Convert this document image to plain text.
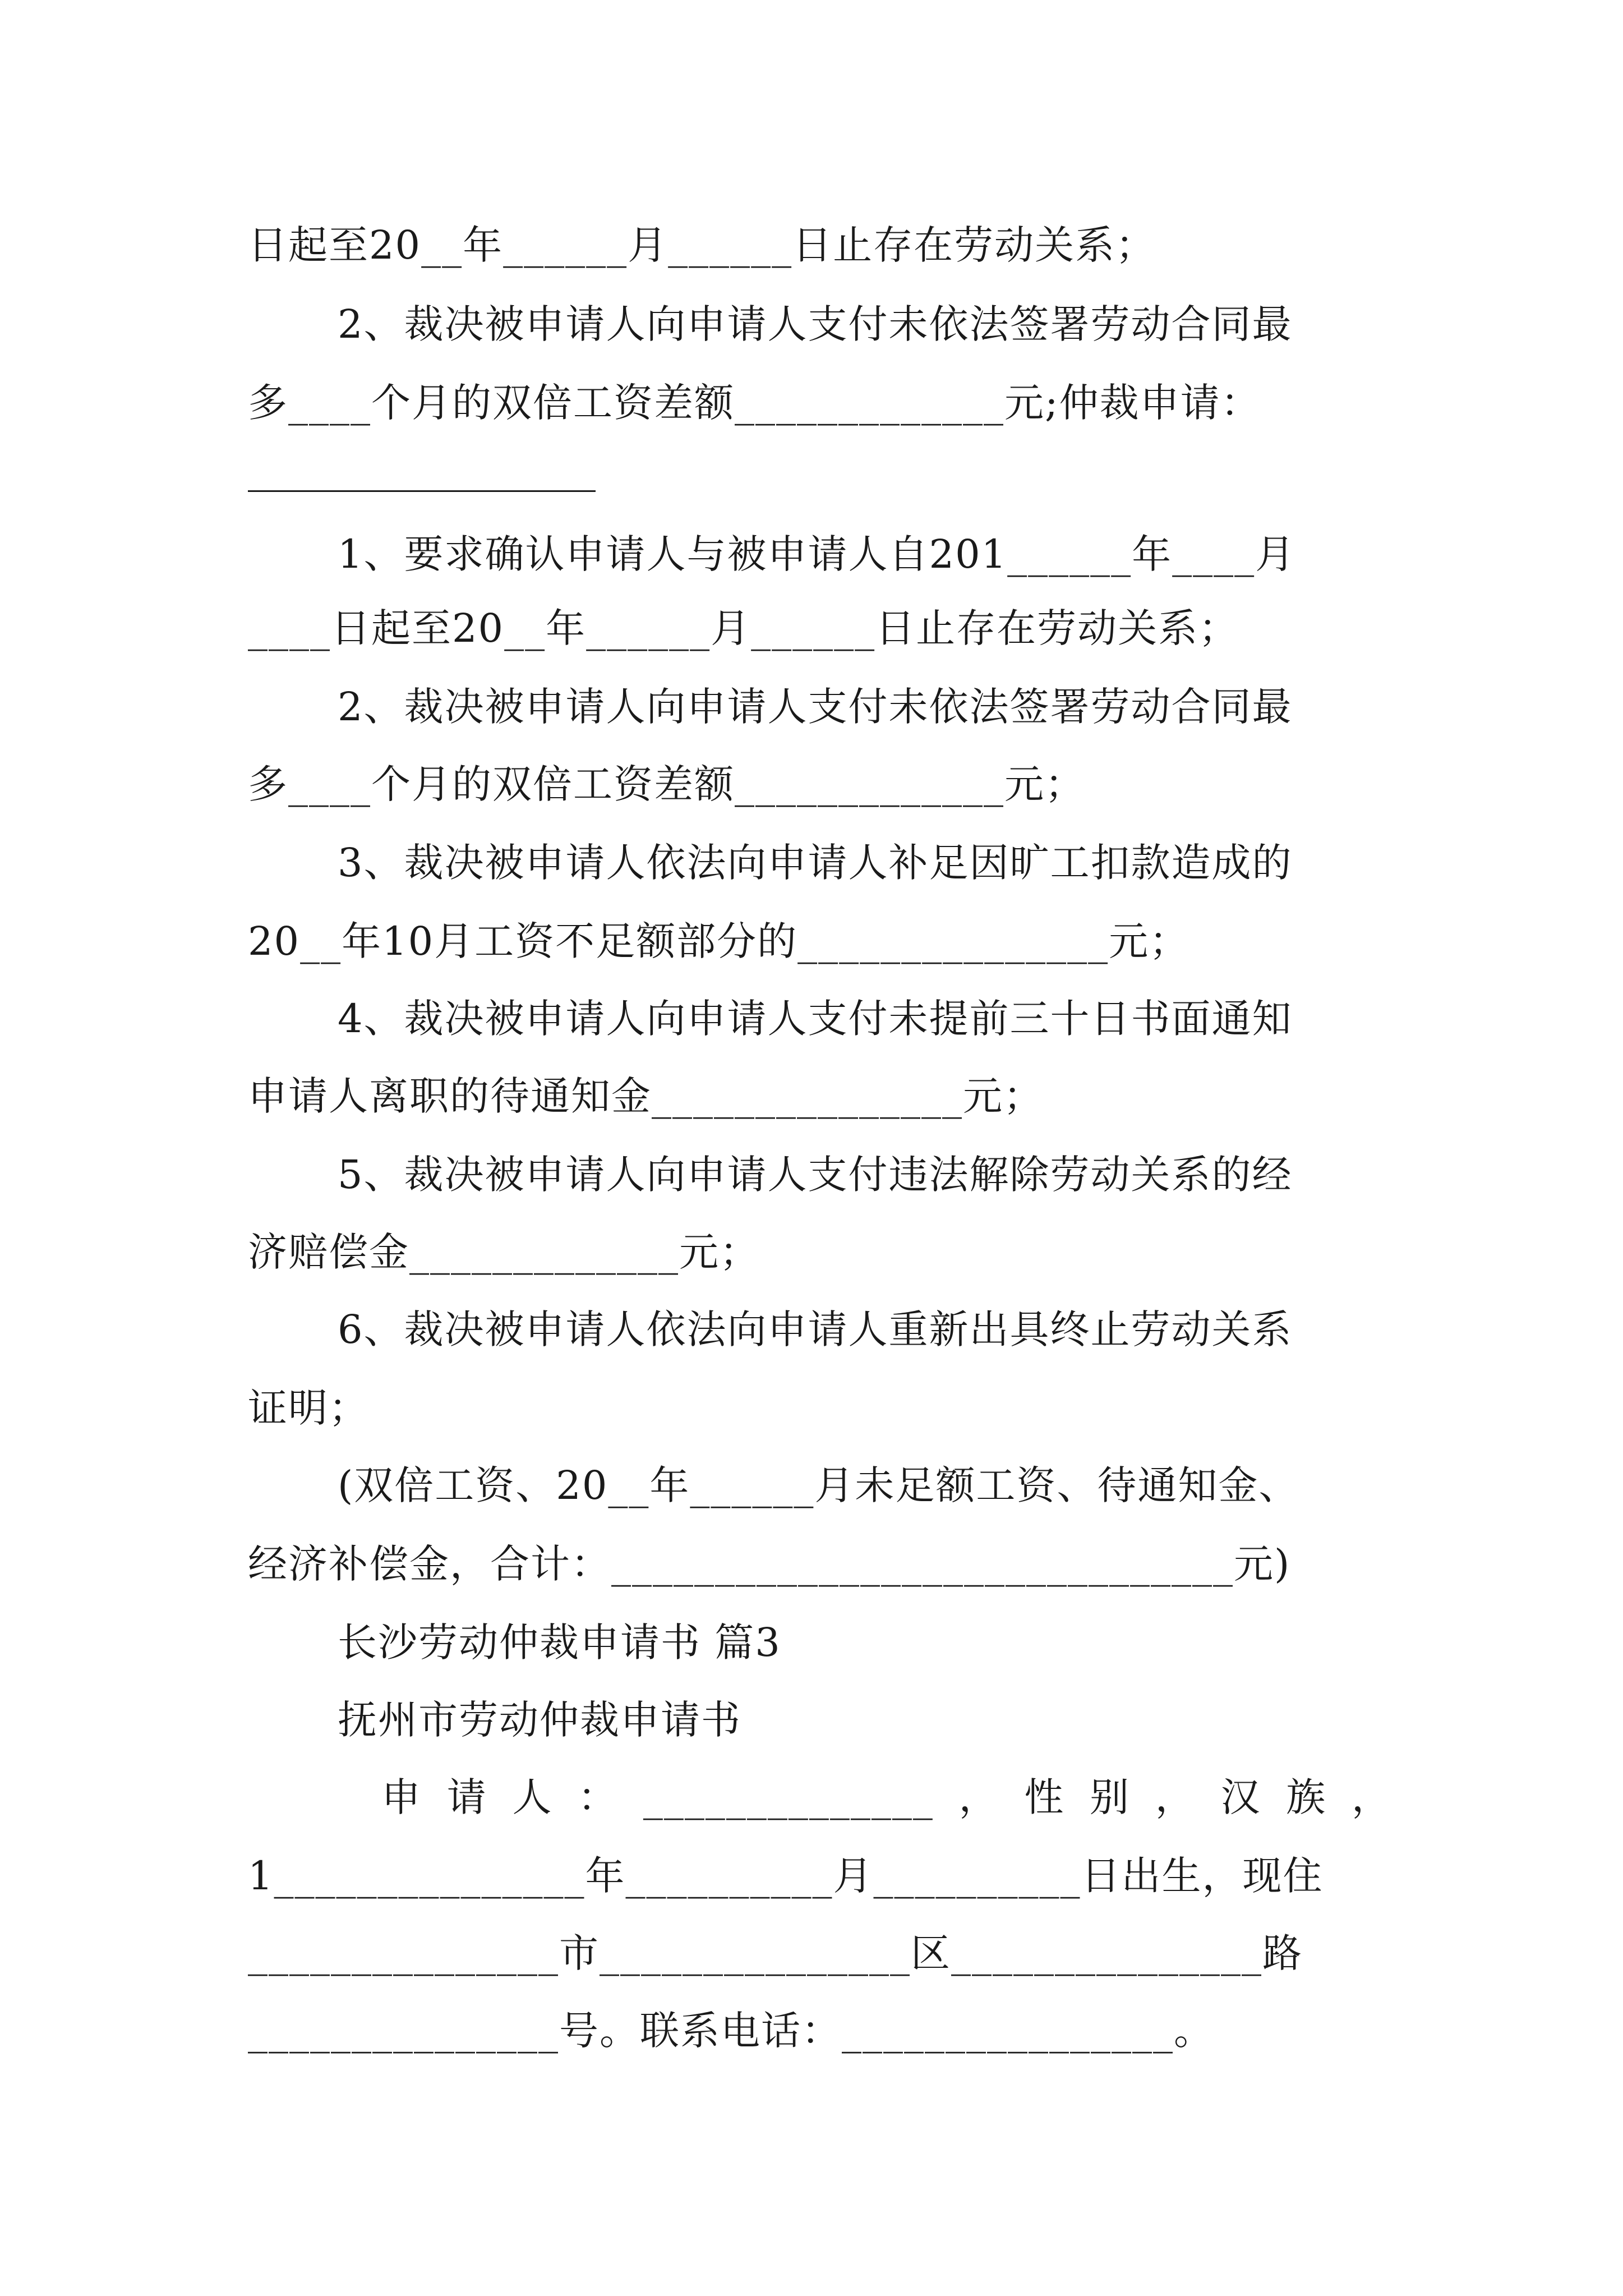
日起至20__年______月______日止存在劳动关系；
2、裁决被申请人向申请人支付未依法签署劳动合同最
多____个月的双倍工资差额_____________元;仲裁申请：
1、要求确认申请人与被申请人自201______年____月
____日起至20__年______月______日止存在劳动关系；
2、裁决被申请人向申请人支付未依法签署劳动合同最
多____个月的双倍工资差额_____________元；
3、裁决被申请人依法向申请人补足因旷工扣款造成的
20__年10月工资不足额部分的_______________元；
4、裁决被申请人向申请人支付未提前三十日书面通知
申请人离职的待通知金_______________元；
5、裁决被申请人向申请人支付违法解除劳动关系的经
济赔偿金_____________元；
6、裁决被申请人依法向申请人重新出具终止劳动关系
证明；
(双倍工资、20__年______月未足额工资、待通知金、
经济补偿金，合计：______________________________元)
长沙劳动仲裁申请书 篇3
抚州市劳动仲裁申请书
申 请 人 ： ______________ ， 性 别 ， 汉 族 ，
1_______________年__________月__________日出生，现住
_______________市_______________区_______________路
_______________号。联系电话：________________。
